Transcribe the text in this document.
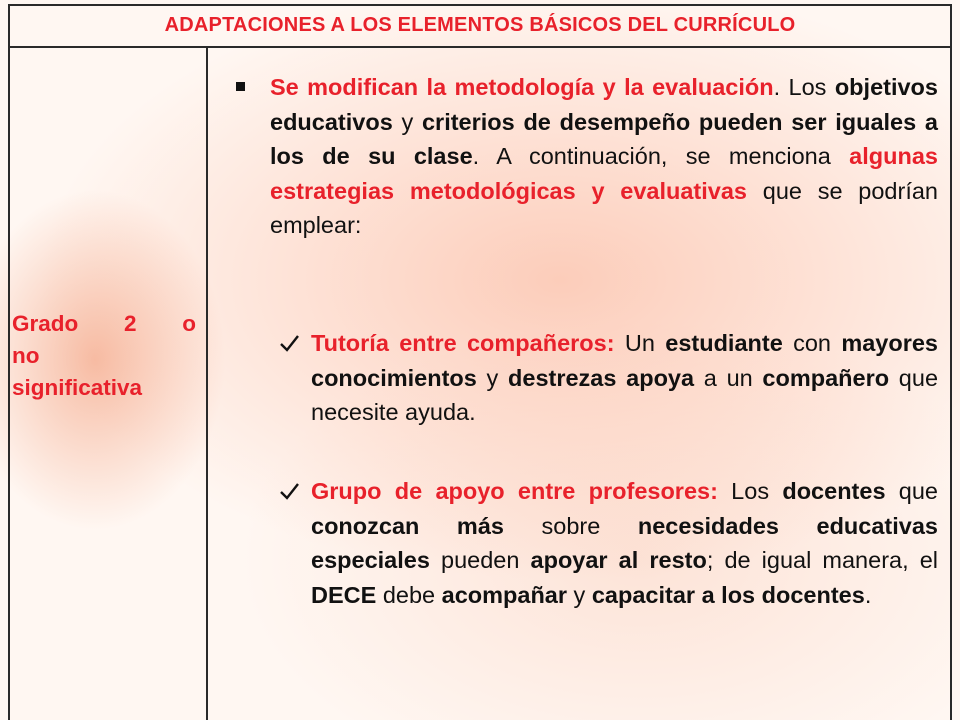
ADAPTACIONES A LOS ELEMENTOS BÁSICOS DEL CURRÍCULO
Grado 2 o
no
significativa
Se modifican la metodología y la evaluación. Los objetivos educativos y criterios de desempeño pueden ser iguales a los de su clase. A continuación, se menciona algunas estrategias metodológicas y evaluativas que se podrían emplear:
Tutoría entre compañeros: Un estudiante con mayores conocimientos y destrezas apoya a un compañero que necesite ayuda.
Grupo de apoyo entre profesores: Los docentes que conozcan más sobre necesidades educativas especiales pueden apoyar al resto; de igual manera, el DECE debe acompañar y capacitar a los docentes.
